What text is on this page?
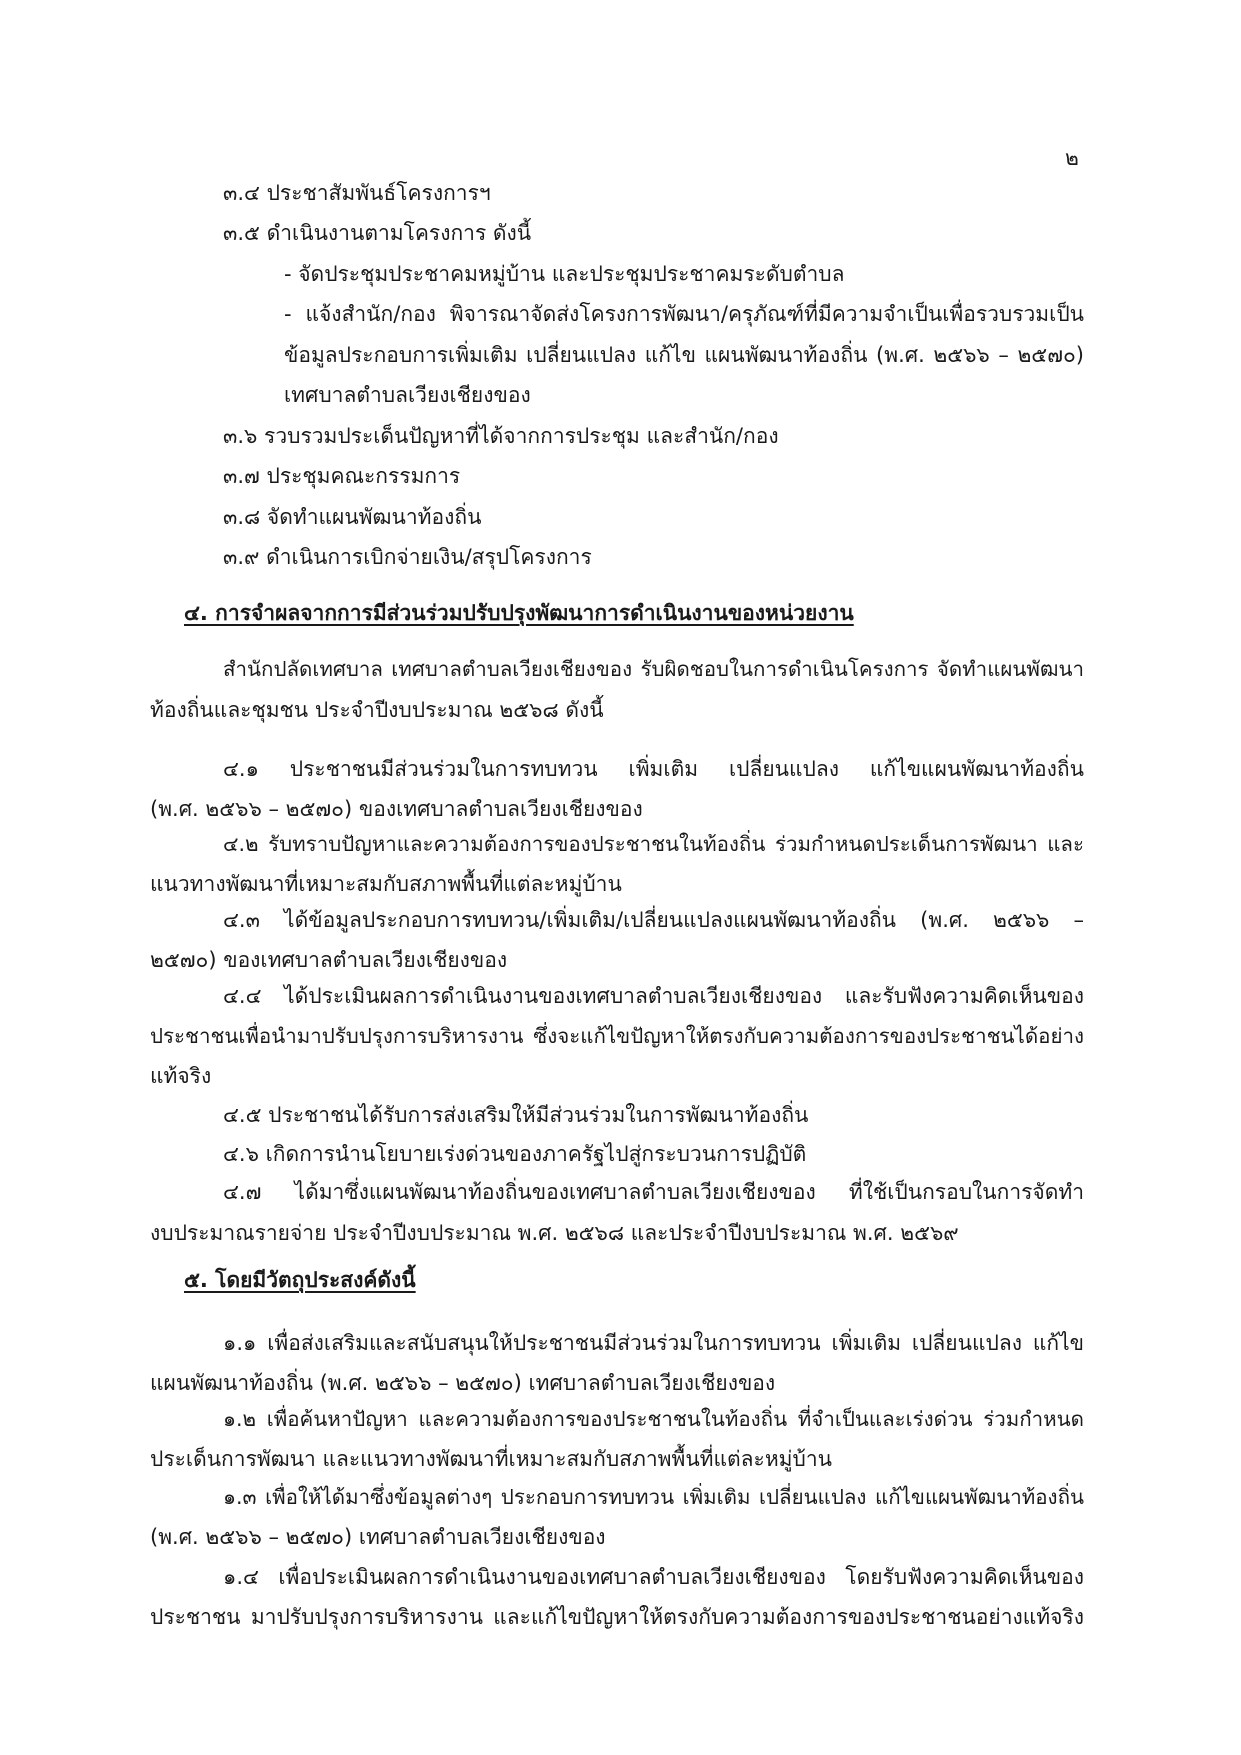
๒
๓.๔ ประชาสัมพันธ์โครงการฯ
๓.๕ ดำเนินงานตามโครงการ ดังนี้
- จัดประชุมประชาคมหมู่บ้าน และประชุมประชาคมระดับตำบล
- แจ้งสำนัก/กอง พิจารณาจัดส่งโครงการพัฒนา/ครุภัณฑ์ที่มีความจำเป็นเพื่อรวบรวมเป็น
ข้อมูลประกอบการเพิ่มเติม เปลี่ยนแปลง แก้ไข แผนพัฒนาท้องถิ่น (พ.ศ. ๒๕๖๖ – ๒๕๗๐)
เทศบาลตำบลเวียงเชียงของ
๓.๖ รวบรวมประเด็นปัญหาที่ได้จากการประชุม และสำนัก/กอง
๓.๗ ประชุมคณะกรรมการ
๓.๘ จัดทำแผนพัฒนาท้องถิ่น
๓.๙ ดำเนินการเบิกจ่ายเงิน/สรุปโครงการ
๔. การจำผลจากการมีส่วนร่วมปรับปรุงพัฒนาการดำเนินงานของหน่วยงาน
สำนักปลัดเทศบาล เทศบาลตำบลเวียงเชียงของ รับผิดชอบในการดำเนินโครงการ จัดทำแผนพัฒนา
ท้องถิ่นและชุมชน ประจำปีงบประมาณ ๒๕๖๘ ดังนี้
๔.๑ ประชาชนมีส่วนร่วมในการทบทวน เพิ่มเติม เปลี่ยนแปลง แก้ไขแผนพัฒนาท้องถิ่น
(พ.ศ. ๒๕๖๖ – ๒๕๗๐) ของเทศบาลตำบลเวียงเชียงของ
๔.๒ รับทราบปัญหาและความต้องการของประชาชนในท้องถิ่น ร่วมกำหนดประเด็นการพัฒนา และ
แนวทางพัฒนาที่เหมาะสมกับสภาพพื้นที่แต่ละหมู่บ้าน
๔.๓ ได้ข้อมูลประกอบการทบทวน/เพิ่มเติม/เปลี่ยนแปลงแผนพัฒนาท้องถิ่น (พ.ศ. ๒๕๖๖ –
๒๕๗๐) ของเทศบาลตำบลเวียงเชียงของ
๔.๔ ได้ประเมินผลการดำเนินงานของเทศบาลตำบลเวียงเชียงของ และรับฟังความคิดเห็นของ
ประชาชนเพื่อนำมาปรับปรุงการบริหารงาน ซึ่งจะแก้ไขปัญหาให้ตรงกับความต้องการของประชาชนได้อย่าง
แท้จริง
๔.๕ ประชาชนได้รับการส่งเสริมให้มีส่วนร่วมในการพัฒนาท้องถิ่น
๔.๖ เกิดการนำนโยบายเร่งด่วนของภาครัฐไปสู่กระบวนการปฏิบัติ
๔.๗ ได้มาซึ่งแผนพัฒนาท้องถิ่นของเทศบาลตำบลเวียงเชียงของ ที่ใช้เป็นกรอบในการจัดทำ
งบประมาณรายจ่าย ประจำปีงบประมาณ พ.ศ. ๒๕๖๘ และประจำปีงบประมาณ พ.ศ. ๒๕๖๙
๕. โดยมีวัตถุประสงค์ดังนี้
๑.๑ เพื่อส่งเสริมและสนับสนุนให้ประชาชนมีส่วนร่วมในการทบทวน เพิ่มเติม เปลี่ยนแปลง แก้ไข
แผนพัฒนาท้องถิ่น (พ.ศ. ๒๕๖๖ – ๒๕๗๐) เทศบาลตำบลเวียงเชียงของ
๑.๒ เพื่อค้นหาปัญหา และความต้องการของประชาชนในท้องถิ่น ที่จำเป็นและเร่งด่วน ร่วมกำหนด
ประเด็นการพัฒนา และแนวทางพัฒนาที่เหมาะสมกับสภาพพื้นที่แต่ละหมู่บ้าน
๑.๓ เพื่อให้ได้มาซึ่งข้อมูลต่างๆ ประกอบการทบทวน เพิ่มเติม เปลี่ยนแปลง แก้ไขแผนพัฒนาท้องถิ่น
(พ.ศ. ๒๕๖๖ – ๒๕๗๐) เทศบาลตำบลเวียงเชียงของ
๑.๔ เพื่อประเมินผลการดำเนินงานของเทศบาลตำบลเวียงเชียงของ โดยรับฟังความคิดเห็นของ
ประชาชน มาปรับปรุงการบริหารงาน และแก้ไขปัญหาให้ตรงกับความต้องการของประชาชนอย่างแท้จริง
